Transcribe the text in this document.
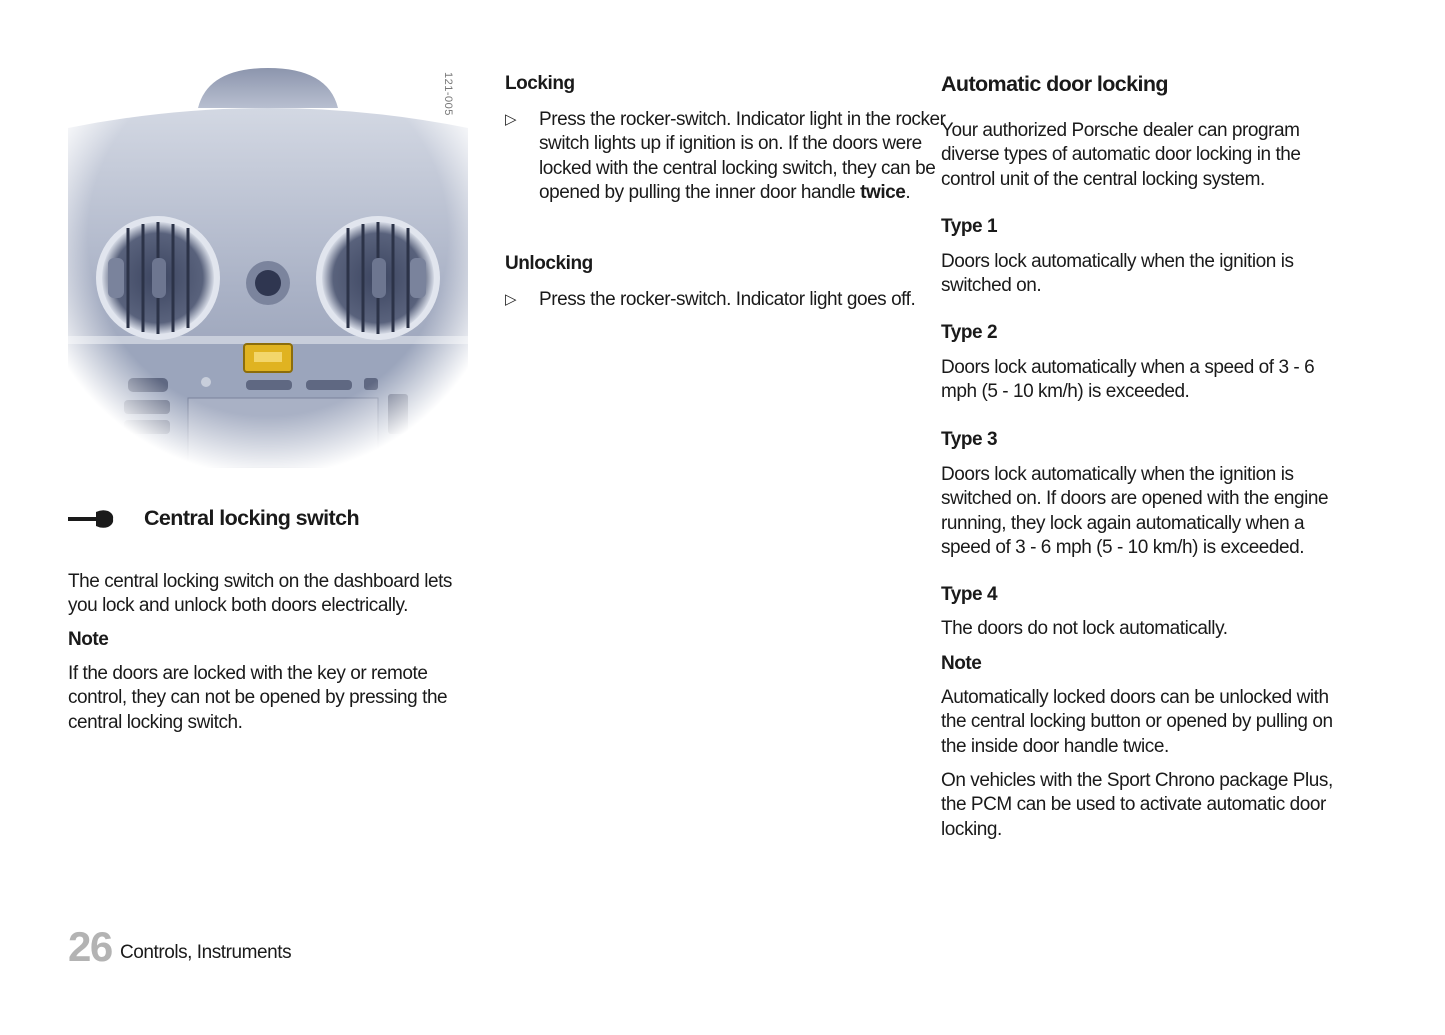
121-005
Central locking switch

The central locking switch on the dashboard lets you lock and unlock both doors electrically.

Note

If the doors are locked with the key or remote control, they can not be opened by pressing the central locking switch.

Locking

▷ Press the rocker-switch. Indicator light in the rocker switch lights up if ignition is on. If the doors were locked with the central locking switch, they can be opened by pulling the inner door handle twice.

Unlocking

▷ Press the rocker-switch. Indicator light goes off.
Automatic door locking

Your authorized Porsche dealer can program diverse types of automatic door locking in the control unit of the central locking system.

Type 1

Doors lock automatically when the ignition is switched on.

Type 2

Doors lock automatically when a speed of 3 - 6 mph (5 - 10 km/h) is exceeded.

Type 3

Doors lock automatically when the ignition is switched on. If doors are opened with the engine running, they lock again automatically when a speed of 3 - 6 mph (5 - 10 km/h) is exceeded.

Type 4

The doors do not lock automatically.

Note

Automatically locked doors can be unlocked with the central locking button or opened by pulling on the inside door handle twice.

On vehicles with the Sport Chrono package Plus, the PCM can be used to activate automatic door locking.

26 Controls, Instruments
